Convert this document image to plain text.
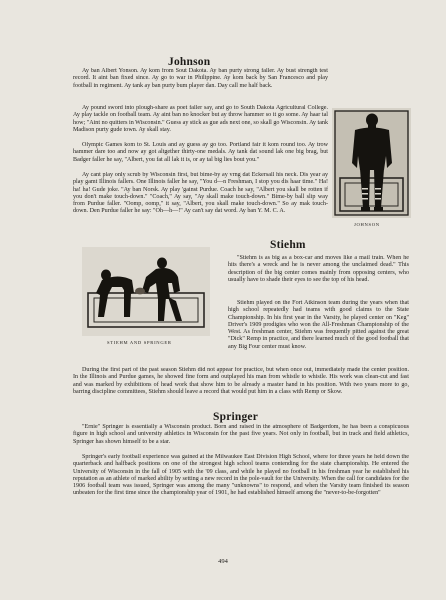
Johnson

Ay ban Albert Yonson. Ay kom from Sout Dakota. Ay ban purty strong faller. Ay bust strength test record. It aint ban fixed since. Ay go to war in Philippine. Ay kom back by San Francesco and play football in regiment. Ay tank ay ban purty bum player dan. Day call me half back.

Ay pound sword into plough-share as poet faller say, and go to South Dakota Agricultural College. Ay play tackle on football team. Ay aint ban no knocker but ay throw hammer so it go some. Ay haar tal how; "Aint no quitters in Wisconsin." Guess ay stick as gue ads next one, so skall go Wisconsin. Ay tank Madison purty gude town. Ay skall stay.

Olympic Games kom to St. Louis and ay guess ay go too. Portland fair it kom round too. Ay trow hammer dare too and now ay got altgether thirty-one medals. Ay tank dat sound lak one big brag, but Badger faller he say, "Albert, you fat all lak it is, or ay tal big lies bout you."

Ay cant play only scrub by Wisconsin first, but bime-by ay vrng dat Eckersall his neck. Dis year ay play gamt Illinois fallers. One Illinois faller he say, "You d—n Freshman, I stop you dis haar time." Ha! ha! ha! Gude joke. "Ay ban Norsk. Ay play 'gainst Purdue. Coach he say, "Albert you skall be rotten if you don't make touch-down." "Coach," Ay say, "Ay skall make touch-down." Bime-by ball slip way from Purdue faller. "Oomp, oomp," it say, "Albert, you skall make touch-down." So ay mak touch-down. Den Purdue faller he say: "Oh—h—!" Ay can't say dat word. Ay ban Y. M. C. A.

JOHNSON

Stiehm

STIEHM AND SPRINGER

"Stiehm is as big as a box-car and moves like a mail train. When he hits there's a wreck and he is never among the unclaimed dead." This description of the big center comes mainly from opposing centers, who usually have to shade their eyes to see the top of his head.

Stiehm played on the Fort Atkinson team during the years when that high school repeatedly had teams with good claims to the State Championship. In his first year in the Varsity, he played center on "Keg" Driver's 1909 prodigies who won the All-Freshman Championship of the West. As freshman center, Stiehm was frequently pitted against the great "Dick" Remp in practice, and there learned much of the good football that any Big Four center must know.

During the first part of the past season Stiehm did not appear for practice, but when once out, immediately made the center position. In the Illinois and Purdue games, he showed fine form and outplayed his man from whistle to whistle. His work was clean-cut and fast and was marked by exhibitions of head work that show him to be already a master hand in his position. With two years more to go, barring discipline committees, Stiehm should leave a record that would put him in a class with Remp or Skow.

Springer

"Ernie" Springer is essentially a Wisconsin product. Born and raised in the atmosphere of Badgerdom, he has been a conspicuous figure in high school and university athletics in Wisconsin for the past five years. Not only in football, but in track and field athletics, Springer has shown himself to be a star.

Springer's early football experience was gained at the Milwaukee East Division High School, where for three years he held down the quarterback and halfback positions on one of the strongest high school teams contending for the state championship. He entered the University of Wisconsin in the fall of 1905 with the '09 class, and while he played no football in his freshman year he established his reputation as an athlete of marked ability by setting a new record in the pole-vault for the University. When the call for candidates for the 1906 football team was issued, Springer was among the many "unknowns" to respond, and when the Varsity team finished its season unbeaten for the first time since the championship year of 1901, he had established himself among the "never-to-be-forgotten"

494
